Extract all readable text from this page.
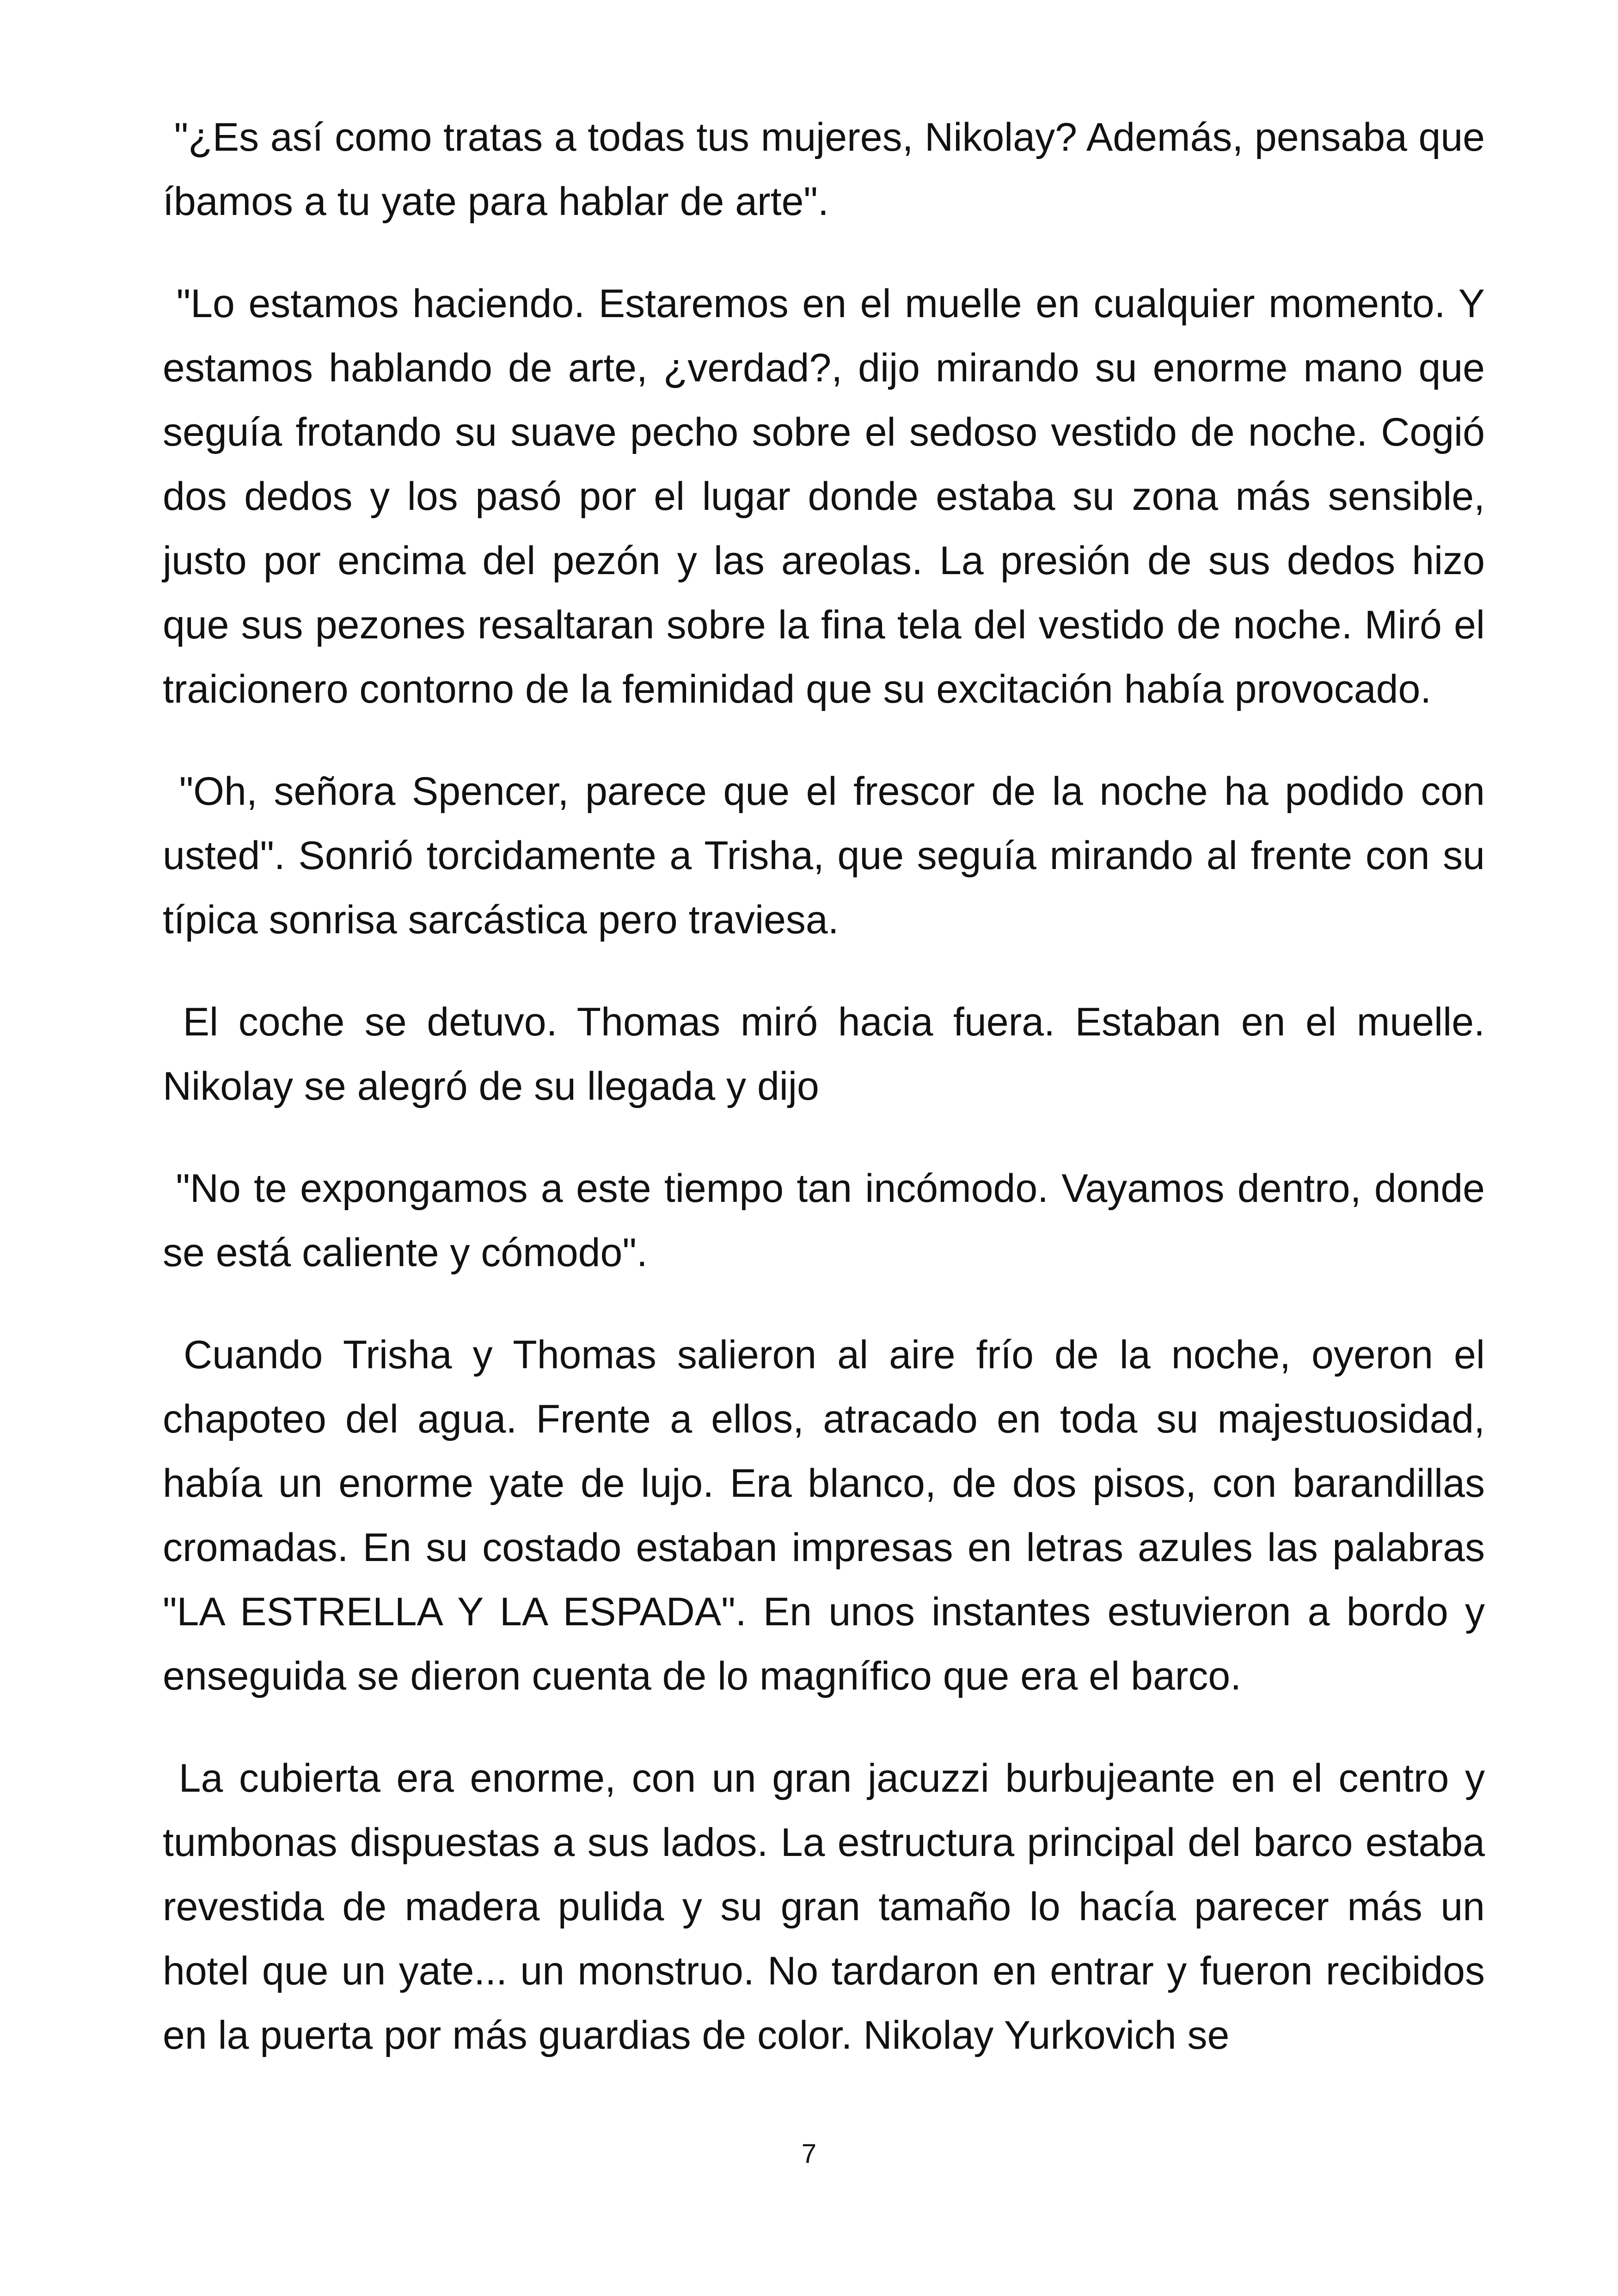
"¿Es así como tratas a todas tus mujeres, Nikolay? Además, pensaba que íbamos a tu yate para hablar de arte".

"Lo estamos haciendo. Estaremos en el muelle en cualquier momento. Y estamos hablando de arte, ¿verdad?, dijo mirando su enorme mano que seguía frotando su suave pecho sobre el sedoso vestido de noche. Cogió dos dedos y los pasó por el lugar donde estaba su zona más sensible, justo por encima del pezón y las areolas. La presión de sus dedos hizo que sus pezones resaltaran sobre la fina tela del vestido de noche. Miró el traicionero contorno de la feminidad que su excitación había provocado.

"Oh, señora Spencer, parece que el frescor de la noche ha podido con usted". Sonrió torcidamente a Trisha, que seguía mirando al frente con su típica sonrisa sarcástica pero traviesa.

El coche se detuvo. Thomas miró hacia fuera. Estaban en el muelle. Nikolay se alegró de su llegada y dijo

"No te expongamos a este tiempo tan incómodo. Vayamos dentro, donde se está caliente y cómodo".

Cuando Trisha y Thomas salieron al aire frío de la noche, oyeron el chapoteo del agua. Frente a ellos, atracado en toda su majestuosidad, había un enorme yate de lujo. Era blanco, de dos pisos, con barandillas cromadas. En su costado estaban impresas en letras azules las palabras "LA ESTRELLA Y LA ESPADA". En unos instantes estuvieron a bordo y enseguida se dieron cuenta de lo magnífico que era el barco.

La cubierta era enorme, con un gran jacuzzi burbujeante en el centro y tumbonas dispuestas a sus lados. La estructura principal del barco estaba revestida de madera pulida y su gran tamaño lo hacía parecer más un hotel que un yate... un monstruo. No tardaron en entrar y fueron recibidos en la puerta por más guardias de color. Nikolay Yurkovich se

7
